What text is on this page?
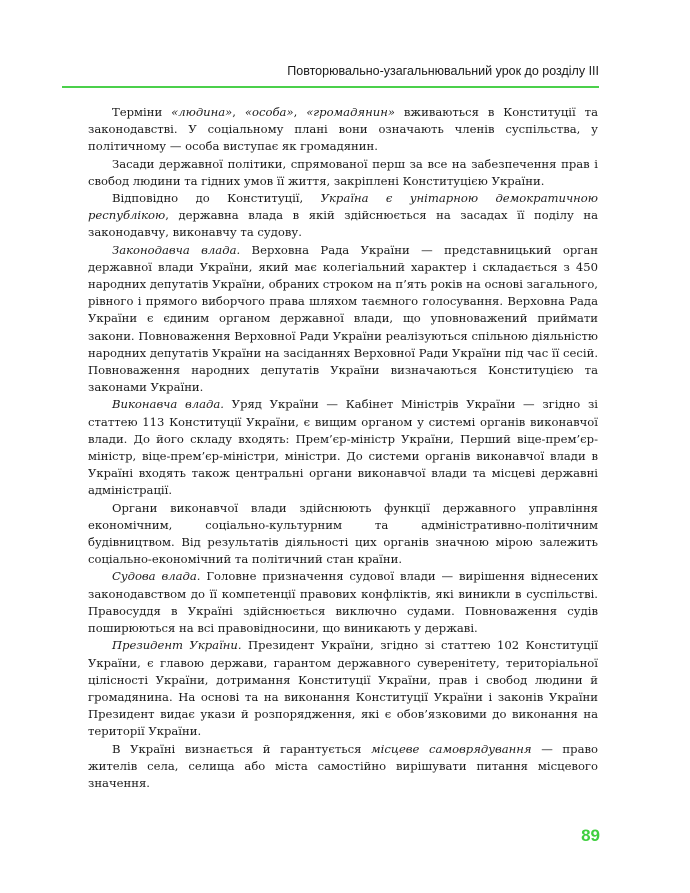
Повторювально-узагальнювальний урок до розділу III

Терміни «людина», «особа», «громадянин» вживаються в Конституції та законодавстві. У соціальному плані вони означають членів суспільства, у політичному — особа виступає як громадянин.

Засади державної політики, спрямованої перш за все на забезпечення прав і свобод людини та гідних умов її життя, закріплені Конституцією України.

Відповідно до Конституції, Україна є унітарною демократичною республікою, державна влада в якій здійснюється на засадах її поділу на законодавчу, виконавчу та судову.

Законодавча влада. Верховна Рада України — представницький орган державної влади України, який має колегіальний характер і складається з 450 народних депутатів України, обраних строком на п’ять років на основі загального, рівного і прямого виборчого права шляхом таємного голосування. Верховна Рада України є єдиним органом державної влади, що уповноважений приймати закони. Повноваження Верховної Ради України реалізуються спільною діяльністю народних депутатів України на засіданнях Верховної Ради України під час її сесій. Повноваження народних депутатів України визначаються Конституцією та законами України.

Виконавча влада. Уряд України — Кабінет Міністрів України — згідно зі статтею 113 Конституції України, є вищим органом у системі органів виконавчої влади. До його складу входять: Прем’єр-міністр України, Перший віце-прем’єр-міністр, віце-прем’єр-міністри, міністри. До системи органів виконавчої влади в Україні входять також центральні органи виконавчої влади та місцеві державні адміністрації.

Органи виконавчої влади здійснюють функції державного управління економічним, соціально-культурним та адміністративно-політичним будівництвом. Від результатів діяльності цих органів значною мірою залежить соціально-економічний та політичний стан країни.

Судова влада. Головне призначення судової влади — вирішення віднесених законодавством до її компетенції правових конфліктів, які виникли в суспільстві. Правосуддя в Україні здійснюється виключно судами. Повноваження судів поширюються на всі правовідносини, що виникають у державі.

Президент України. Президент України, згідно зі статтею 102 Конституції України, є главою держави, гарантом державного суверенітету, територіальної цілісності України, дотримання Конституції України, прав і свобод людини й громадянина. На основі та на виконання Конституції України і законів України Президент видає укази й розпорядження, які є обов’язковими до виконання на території України.

В Україні визнається й гарантується місцеве самоврядування — право жителів села, селища або міста самостійно вирішувати питання місцевого значення.

89
